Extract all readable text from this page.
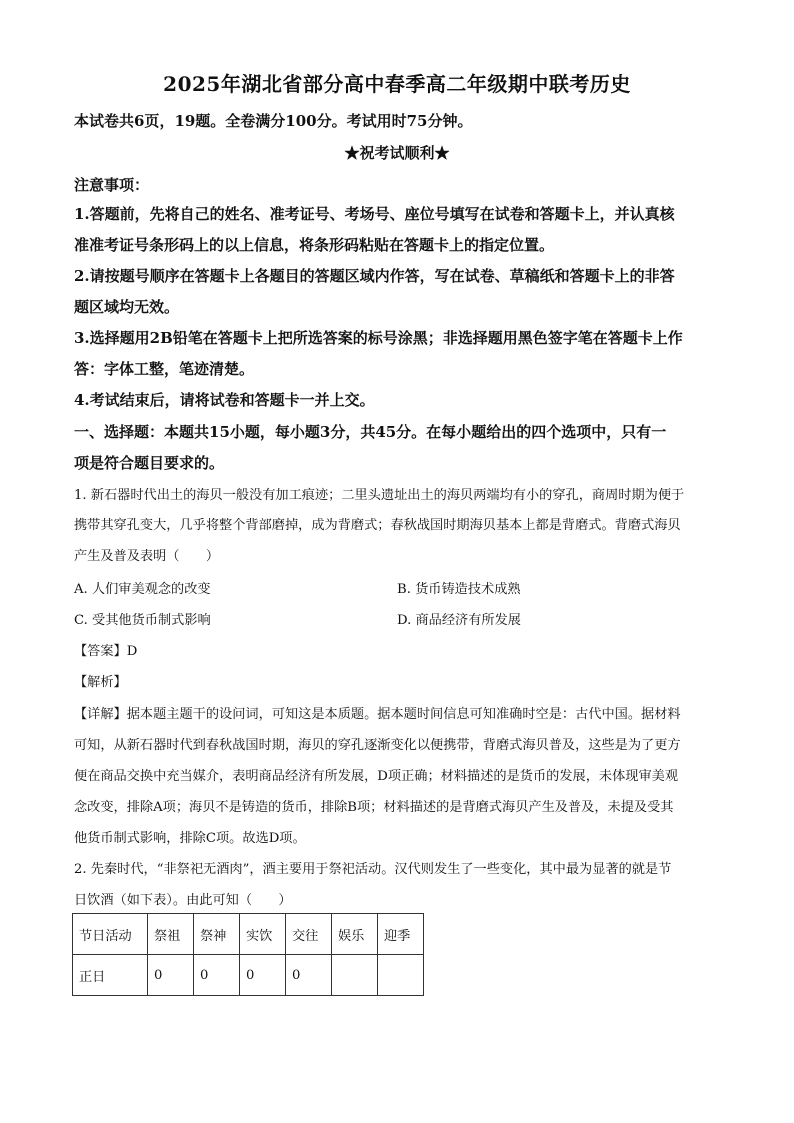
2025年湖北省部分高中春季高二年级期中联考历史
本试卷共6页，19题。全卷满分100分。考试用时75分钟。
★祝考试顺利★
注意事项：
1.答题前，先将自己的姓名、准考证号、考场号、座位号填写在试卷和答题卡上，并认真核
准准考证号条形码上的以上信息，将条形码粘贴在答题卡上的指定位置。
2.请按题号顺序在答题卡上各题目的答题区域内作答，写在试卷、草稿纸和答题卡上的非答
题区域均无效。
3.选择题用2B铅笔在答题卡上把所选答案的标号涂黑；非选择题用黑色签字笔在答题卡上作
答：字体工整，笔迹清楚。
4.考试结束后，请将试卷和答题卡一并上交。
一、选择题：本题共15小题，每小题3分，共45分。在每小题给出的四个选项中，只有一
项是符合题目要求的。
1. 新石器时代出土的海贝一般没有加工痕迹；二里头遗址出土的海贝两端均有小的穿孔，商周时期为便于
携带其穿孔变大，几乎将整个背部磨掉，成为背磨式；春秋战国时期海贝基本上都是背磨式。背磨式海贝
产生及普及表明（　　）
A. 人们审美观念的改变	B. 货币铸造技术成熟
C. 受其他货币制式影响	D. 商品经济有所发展
【答案】D
【解析】
【详解】据本题主题干的设问词，可知这是本质题。据本题时间信息可知准确时空是：古代中国。据材料
可知，从新石器时代到春秋战国时期，海贝的穿孔逐渐变化以便携带，背磨式海贝普及，这些是为了更方
便在商品交换中充当媒介，表明商品经济有所发展，D项正确；材料描述的是货币的发展，未体现审美观
念改变，排除A项；海贝不是铸造的货币，排除B项；材料描述的是背磨式海贝产生及普及，未提及受其
他货币制式影响，排除C项。故选D项。
2. 先秦时代，“非祭祀无酒肉”，酒主要用于祭祀活动。汉代则发生了一些变化，其中最为显著的就是节
日饮酒（如下表）。由此可知（　　）
节日活动	祭祖	祭神	实饮	交往	娱乐	迎季
正日	0	0	0	0		
